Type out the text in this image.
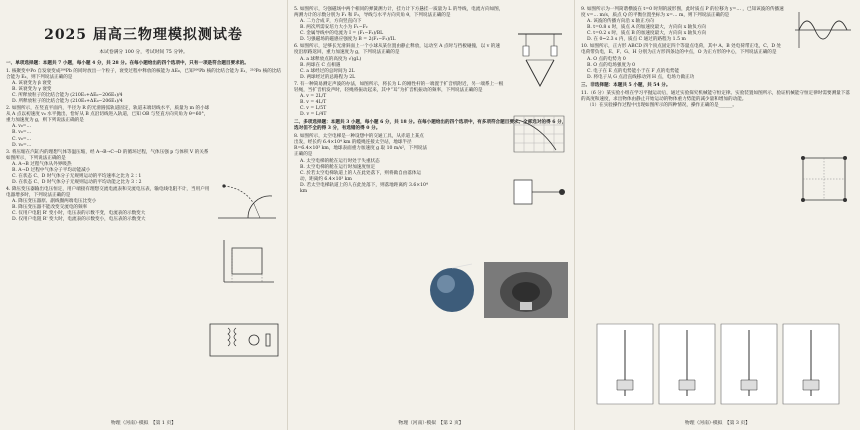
2025 届高三物理模拟测试卷
本试卷满分 100 分，考试时间 75 分钟。
一、单项选择题：本题共 7 小题，每小题 4 分，共 28 分。在每小题给出的四个选项中，只有一项是符合题目要求的。
1. 核聚变中Po 自发衰变成²⁰⁶Pb 的同时放出一个粒子，衰变过程中释放的核能为 ΔE₀，已知²⁰⁶Pb 核的比结合能为 E₁，²¹⁰Po 核的比结合能为 E₂，则下列说法正确的是
A. 该衰变为 β 衰变
B. 该衰变为 γ 衰变
C. 所释放粒子的比结合能为 (210E₁+ΔE₀−206E₂)/4
D. 所释放粒子的比结合能为 (210E₂+ΔE₀−206E₁)/4
2. 如图所示，在竖直平面内，半径为 R 的光滑圆弧轨道固定，轨道末端切线水平，质量为 m 的小球从 A 点以初速度 v₀ 水平抛出，恰好从 B 点沿切线进入轨道，已知 OB 与竖直方向夹角为 θ=60°，重力加速度为 g，则下列说法正确的是
A. v₀=…
B. v₀=…
C. v₀=…
D. v₀=…
3. 将压缩在汽缸内的理想气体等温压缩，经 A→B→C→D 的循环过程，气体压强 p 与体积 V 的关系如图所示，下列说法正确的是
A. A→B 过程气体从外界吸热
B. A→D 过程中气体分子平均动能减小
C. 在状态 C、D 时气体分子无规则运动的平均速率之比为 2∶1
D. 在状态 C、D 时气体分子无规则运动的平均动能之比为 3∶2
4. 降压变压器输出电压恒定，用户端接有理想交流电流表和交流电压表，输电线电阻不计，当用户用电器增多时，下列说法正确的是
A. 降压变压器原、副线圈两端电压比变小
B. 降压变压器不能改变交流电的频率
C. 仅用户电阻 R' 变小时，电压表的示数不变，电流表的示数变大
D. 仅用户电阻 R' 变大时，电流表的示数变小，电压表的示数变大
物理（河南）·模拟　【第 1 页】
5. 如图所示，匀强磁场中两个相同的弹簧测力计，挂力计下方悬挂一质量为 L 的导线，电流方向如图，两测力计的示数分别为 F₁ 和 F₂，导线与水平方向夹角 θ，下列说法正确的是
A. 二力合成 F，方向竖直向下
B. 两次所需安培力大小为 F₁−F₂
C. 金属导线中的电流为 I = (F₁−F₂)/BL
D. 匀强磁场的磁感应强度为 B = 2(F₁−F₂)/IL
6. 如图所示，足够长光滑斜面上一个小球从某位置由静止释放，运动至 A 点时与挡板碰撞，以 v 的速度沿原路返回，重力加速度为 g，下列说法正确的是
A. a 球释放点的高度为 √(gL)
B. 两球在 C 点相遇
C. a 球经过的总时间为 2L
D. 两球经过的总路程为 2L
7. 有一种简易测定声波的办法，如图所示，将长为 L 的刚性杆的一端置于扩音机附近，另一端系上一根轻绳，当扩音机发声时，轻绳将振动起来，其中“耳”为扩音机振动的频率，下列说法正确的是
A. v = 2L/T
B. v = 4L/T
C. v = L/5T
D. v = L/4T
二、多项选择题：本题共 3 小题，每小题 6 分，共 18 分。在每小题给出的四个选项中，有多项符合题目要求。全部选对的得 6 分，选对但不全的得 3 分，有选错的得 0 分。
8. 如图所示，太空电梯是一种设想中的交通工具，从赤道上某点出发，经长约 6.4×10⁴ km 的缆绳连接太空站，地球半径 R=6.4×10³ km，地球表面重力加速度 g 取 10 m/s²，下列说法正确的是
A. 太空电梯的舱在运行时处于失重状态
B. 太空电梯的舱在运行时加速度恒定
C. 於若太空电梯轨道上的人在此处落下，则将做自由落体运动，距离约 6.4×10³ km
D. 若太空电梯轨道上的人在此处落下，则落地距离约 3.6×10⁴ km
物理（河南）·模拟　【第 2 页】
9. 如图所示为一列简谐横波在 t=0 时刻的波形图，此时质点 P 的位移为 y=… ，已知该波的传播速度 v=… m/s，质点 Q 的平衡位置坐标为 x=… m，则下列说法正确的是
A. 该波的传播方向沿 x 轴正方向
B. t=0.8 s 时，质点 A 的加速度最大，方向向 x 轴负方向
C. t=0.2 s 时，质点 B 的加速度最大，方向向 x 轴负方向
D. 在 0~2.3 s 内，质点 C 通过的路程为 1.5 m
10. 如图所示，正方形 ABCD 四个顶点固定四个等量点电荷，其中 A、B 处电荷带正电，C、D 处电荷带负电，E、F、G、H 分别为正方形四条边的中点，O 为正方形的中心，下列说法正确的是
A. O 点的电势为 0
B. O 点的电场强度为 0
C. 电子在 E 点的电势能小于在 F 点的电势能
D. 将电子从 G 点沿直线移动到 H 点，电场力做正功
三、非选择题：本题共 5 小题，共 54 分。
11.（6 分）某实验小组在学习平抛运动后，通过实验探究机械能守恒定律。实验装置如图所示，验证机械能守恒定律时需要测量下落的高度和速度，求出物体由静止开始运动的物体重力势能的减少量和增加的动能。
（1）在实验操作过程中出现如图所示的四种情况，操作正确的是______。
物理（河南）·模拟　【第 3 页】
